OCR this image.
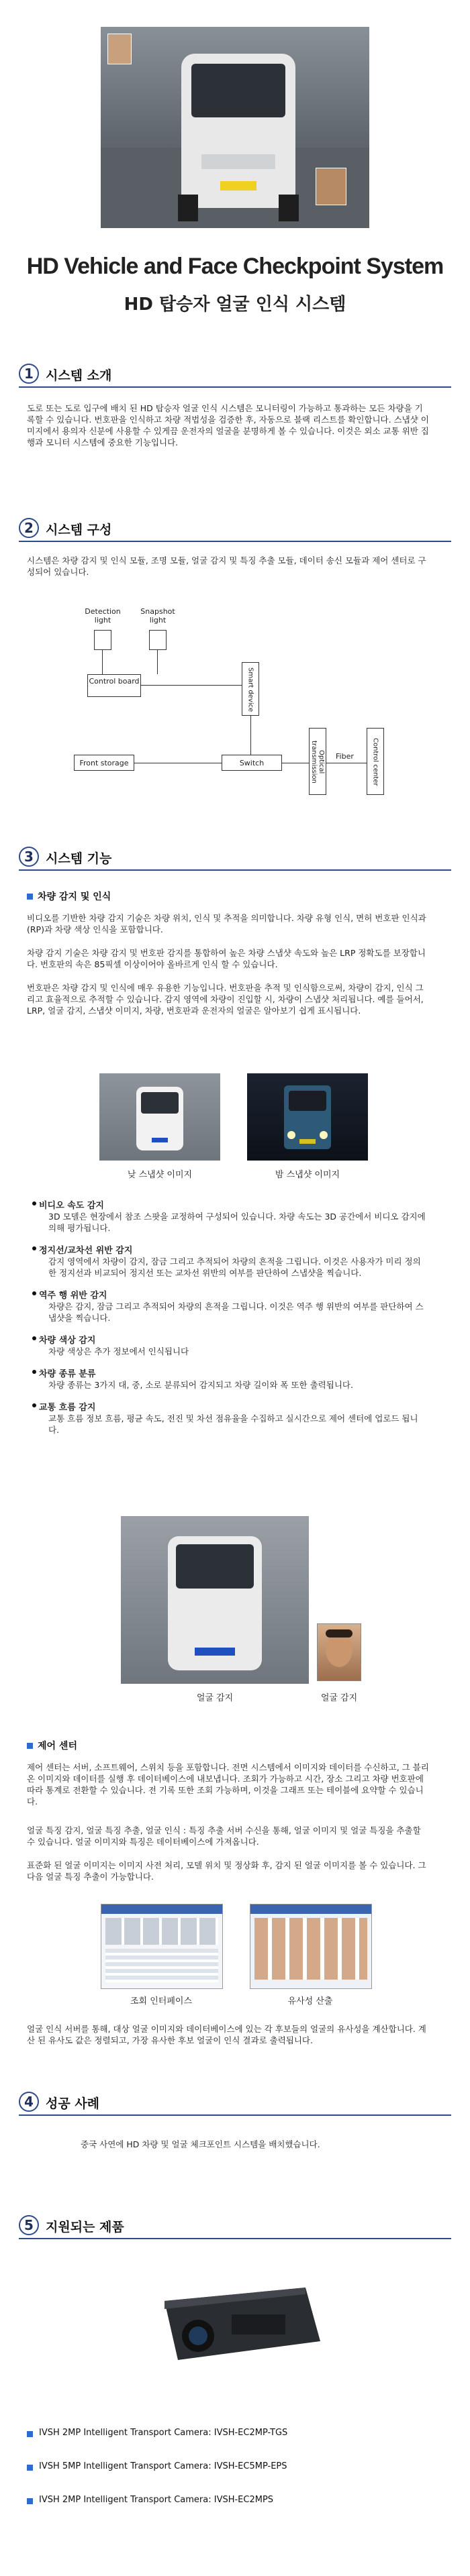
HD Vehicle and Face Checkpoint System
HD 탑승자 얼굴 인식 시스템
1 시스템 소개
도로 또는 도로 입구에 배치 된 HD 탑승자 얼굴 인식 시스템은 모니터링이 가능하고 통과하는 모든 차량을 기록할 수 있습니다. 번호판을 인식하고 차량 적법성을 검증한 후, 자동으로 블랙 리스트를 확인합니다. 스냅샷 이미지에서 용의자 신분에 사용할 수 있게끔 운전자의 얼굴을 분명하게 볼 수 있습니다. 이것은 외소 교통 위반 집행과 모니터 시스템에 중요한 기능입니다.
2 시스템 구성
시스템은 차량 감지 및 인식 모듈, 조명 모듈, 얼굴 감지 및 특징 추출 모듈, 데이터 송신 모듈과 제어 센터로 구성되어 있습니다.
Detection light
Snapshot light
Control board	Smart device
Front storage	Switch	Optical transmission	Fiber	Control center
3 시스템 기능
차량 감지 및 인식
비디오를 기반한 차량 감지 기술은 차량 위치, 인식 및 추적을 의미합니다. 차량 유형 인식, 면허 번호판 인식과(RP)과 차량 색상 인식을 포함합니다.
차량 감지 기술은 차량 감지 및 번호판 감지를 통합하여 높은 차량 스냅샷 속도와 높은 LRP 정확도를 보장합니다. 번호판의 속은 85픽셀 이상이어야 올바르게 인식 할 수 있습니다.
번호판은 차량 감지 및 인식에 매우 유용한 기능입니다. 번호판을 추적 및 인식함으로써, 차량이 감지, 인식 그리고 효율적으로 추적할 수 있습니다. 감지 영역에 차량이 진입할 시, 차량이 스냅샷 처리됩니다. 예를 들어서, LRP, 얼굴 감지, 스냅샷 이미지, 차량, 번호판과 운전자의 얼굴은 알아보기 쉽게 표시됩니다.
낮 스냅샷 이미지	밤 스냅샷 이미지
비디오 속도 감지
3D 모델은 현장에서 참조 스팟을 교정하여 구성되어 있습니다. 차량 속도는 3D 공간에서 비디오 감지에 의해 평가됩니다.
정지선/교차선 위반 감지
감지 영역에서 차량이 감지, 잠금 그리고 추적되어 차량의 흔적을 그립니다. 이것은 사용자가 미리 정의 한 정지선과 비교되어 정지선 또는 교차선 위반의 여부를 판단하여 스냅샷을 찍습니다.
역주 행 위반 감지
차량은 감지, 잠금 그리고 추적되어 차량의 흔적을 그립니다. 이것은 역주 행 위반의 여부를 판단하여 스냅샷을 찍습니다.
차량 색상 감지
차량 색상은 추가 정보에서 인식됩니다
차량 종류 분류
차량 종류는 3가지 대, 중, 소로 분류되어 감지되고 차량 길이와 폭 또한 출력됩니다.
교통 흐름 감지
교통 흐름 정보 흐름, 평균 속도, 전진 및 차선 점유율을 수집하고 실시간으로 제어 센터에 업로드 됩니다.
얼굴 감지	얼굴 감지
제어 센터
제어 센터는 서버, 소프트웨어, 스위치 등을 포함합니다. 전면 시스템에서 이미지와 데이터를 수신하고, 그 블리온 이미지와 데이터를 실행 후 데이터베이스에 내보냅니다. 조회가 가능하고 시간, 장소 그리고 차량 번호판에 따라 통계로 전환할 수 있습니다. 전 기록 또한 조회 가능하며, 이것을 그래프 또는 테이블에 요약할 수 있습니다.
얼굴 특징 감지, 얼굴 특징 추출, 얼굴 인식 : 특징 추출 서버 수신을 통해, 얼굴 이미지 및 얼굴 특징을 추출할 수 있습니다. 얼굴 이미지와 특징은 데이터베이스에 가져옵니다.
표준화 된 얼굴 이미지는 이미지 사전 처리, 모델 위치 및 정상화 후, 감지 된 얼굴 이미지를 볼 수 있습니다. 그 다음 얼굴 특징 추출이 가능합니다.
조회 인터페이스	유사성 산출
얼굴 인식 서버를 통해, 대상 얼굴 이미지와 데이터베이스에 있는 각 후보들의 얼굴의 유사성을 계산합니다. 계산 된 유사도 값은 정렬되고, 가장 유사한 후보 얼굴이 인식 결과로 출력됩니다.
4 성공 사례
중국 사연에 HD 차량 및 얼굴 체크포인트 시스템을 배치했습니다.
5 지원되는 제품
IVSH 2MP Intelligent Transport Camera: IVSH-EC2MP-TGS
IVSH 5MP Intelligent Transport Camera: IVSH-EC5MP-EPS
IVSH 2MP Intelligent Transport Camera: IVSH-EC2MPS
